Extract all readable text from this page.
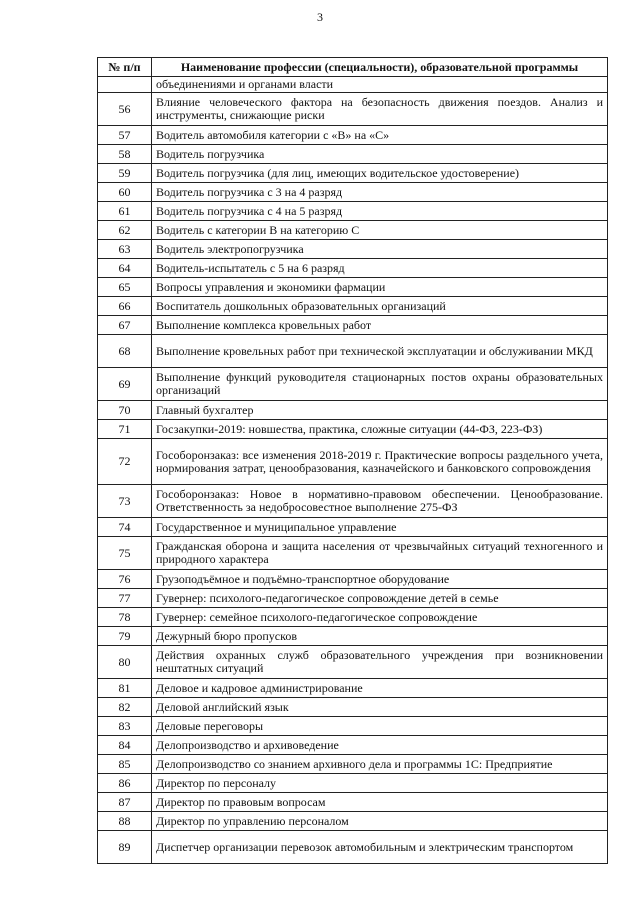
3
№ п/п	Наименование профессии (специальности), образовательной программы
	объединениями и органами власти
56	Влияние человеческого фактора на безопасность движения поездов. Анализ и инструменты, снижающие риски
57	Водитель автомобиля категории с «В» на «С»
58	Водитель погрузчика
59	Водитель погрузчика (для лиц, имеющих водительское удостоверение)
60	Водитель погрузчика с 3 на 4 разряд
61	Водитель погрузчика с 4 на 5 разряд
62	Водитель с категории В на категорию С
63	Водитель электропогрузчика
64	Водитель-испытатель с 5 на 6 разряд
65	Вопросы управления и экономики фармации
66	Воспитатель дошкольных образовательных организаций
67	Выполнение комплекса кровельных работ
68	Выполнение кровельных работ при технической эксплуатации и обслуживании МКД
69	Выполнение функций руководителя стационарных постов охраны образовательных организаций
70	Главный бухгалтер
71	Госзакупки-2019: новшества, практика, сложные ситуации (44-ФЗ, 223-ФЗ)
72	Гособоронзаказ: все изменения 2018-2019 г. Практические вопросы раздельного учета, нормирования затрат, ценообразования, казначейского и банковского сопровождения
73	Гособоронзаказ: Новое в нормативно-правовом обеспечении. Ценообразование. Ответственность за недобросовестное выполнение 275-ФЗ
74	Государственное и муниципальное управление
75	Гражданская оборона и защита населения от чрезвычайных ситуаций техногенного и природного характера
76	Грузоподъёмное и подъёмно-транспортное оборудование
77	Гувернер: психолого-педагогическое сопровождение детей в семье
78	Гувернер: семейное психолого-педагогическое сопровождение
79	Дежурный бюро пропусков
80	Действия охранных служб образовательного учреждения при возникновении нештатных ситуаций
81	Деловое и кадровое администрирование
82	Деловой английский язык
83	Деловые переговоры
84	Делопроизводство и архивоведение
85	Делопроизводство со знанием архивного дела и программы 1С: Предприятие
86	Директор по персоналу
87	Директор по правовым вопросам
88	Директор по управлению персоналом
89	Диспетчер организации перевозок автомобильным и электрическим транспортом
